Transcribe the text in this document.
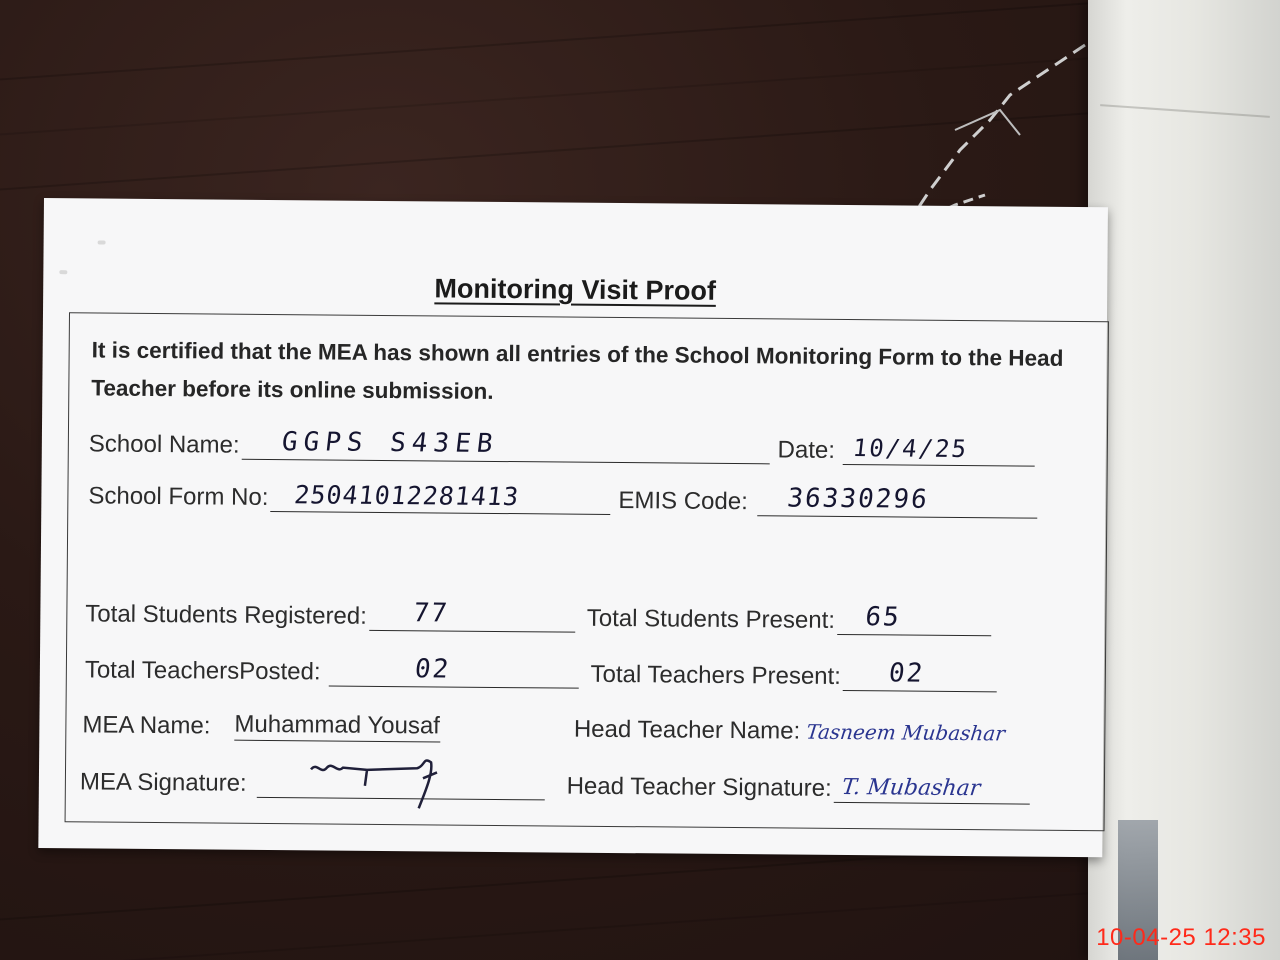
Monitoring Visit Proof
It is certified that the MEA has shown all entries of the School Monitoring Form to the Head Teacher before its online submission.
School Name: GGPS S43EB	Date: 10/4/25
School Form No: 25041012281413	EMIS Code: 36330296
Total Students Registered: 77	Total Students Present: 65
Total TeachersPosted:	02	Total Teachers Present: 02
MEA Name: Muhammad Yousaf	Head Teacher Name: Tasneem Mubashar
MEA Signature:	Head Teacher Signature: T. Mubashar
10-04-25 12:35
